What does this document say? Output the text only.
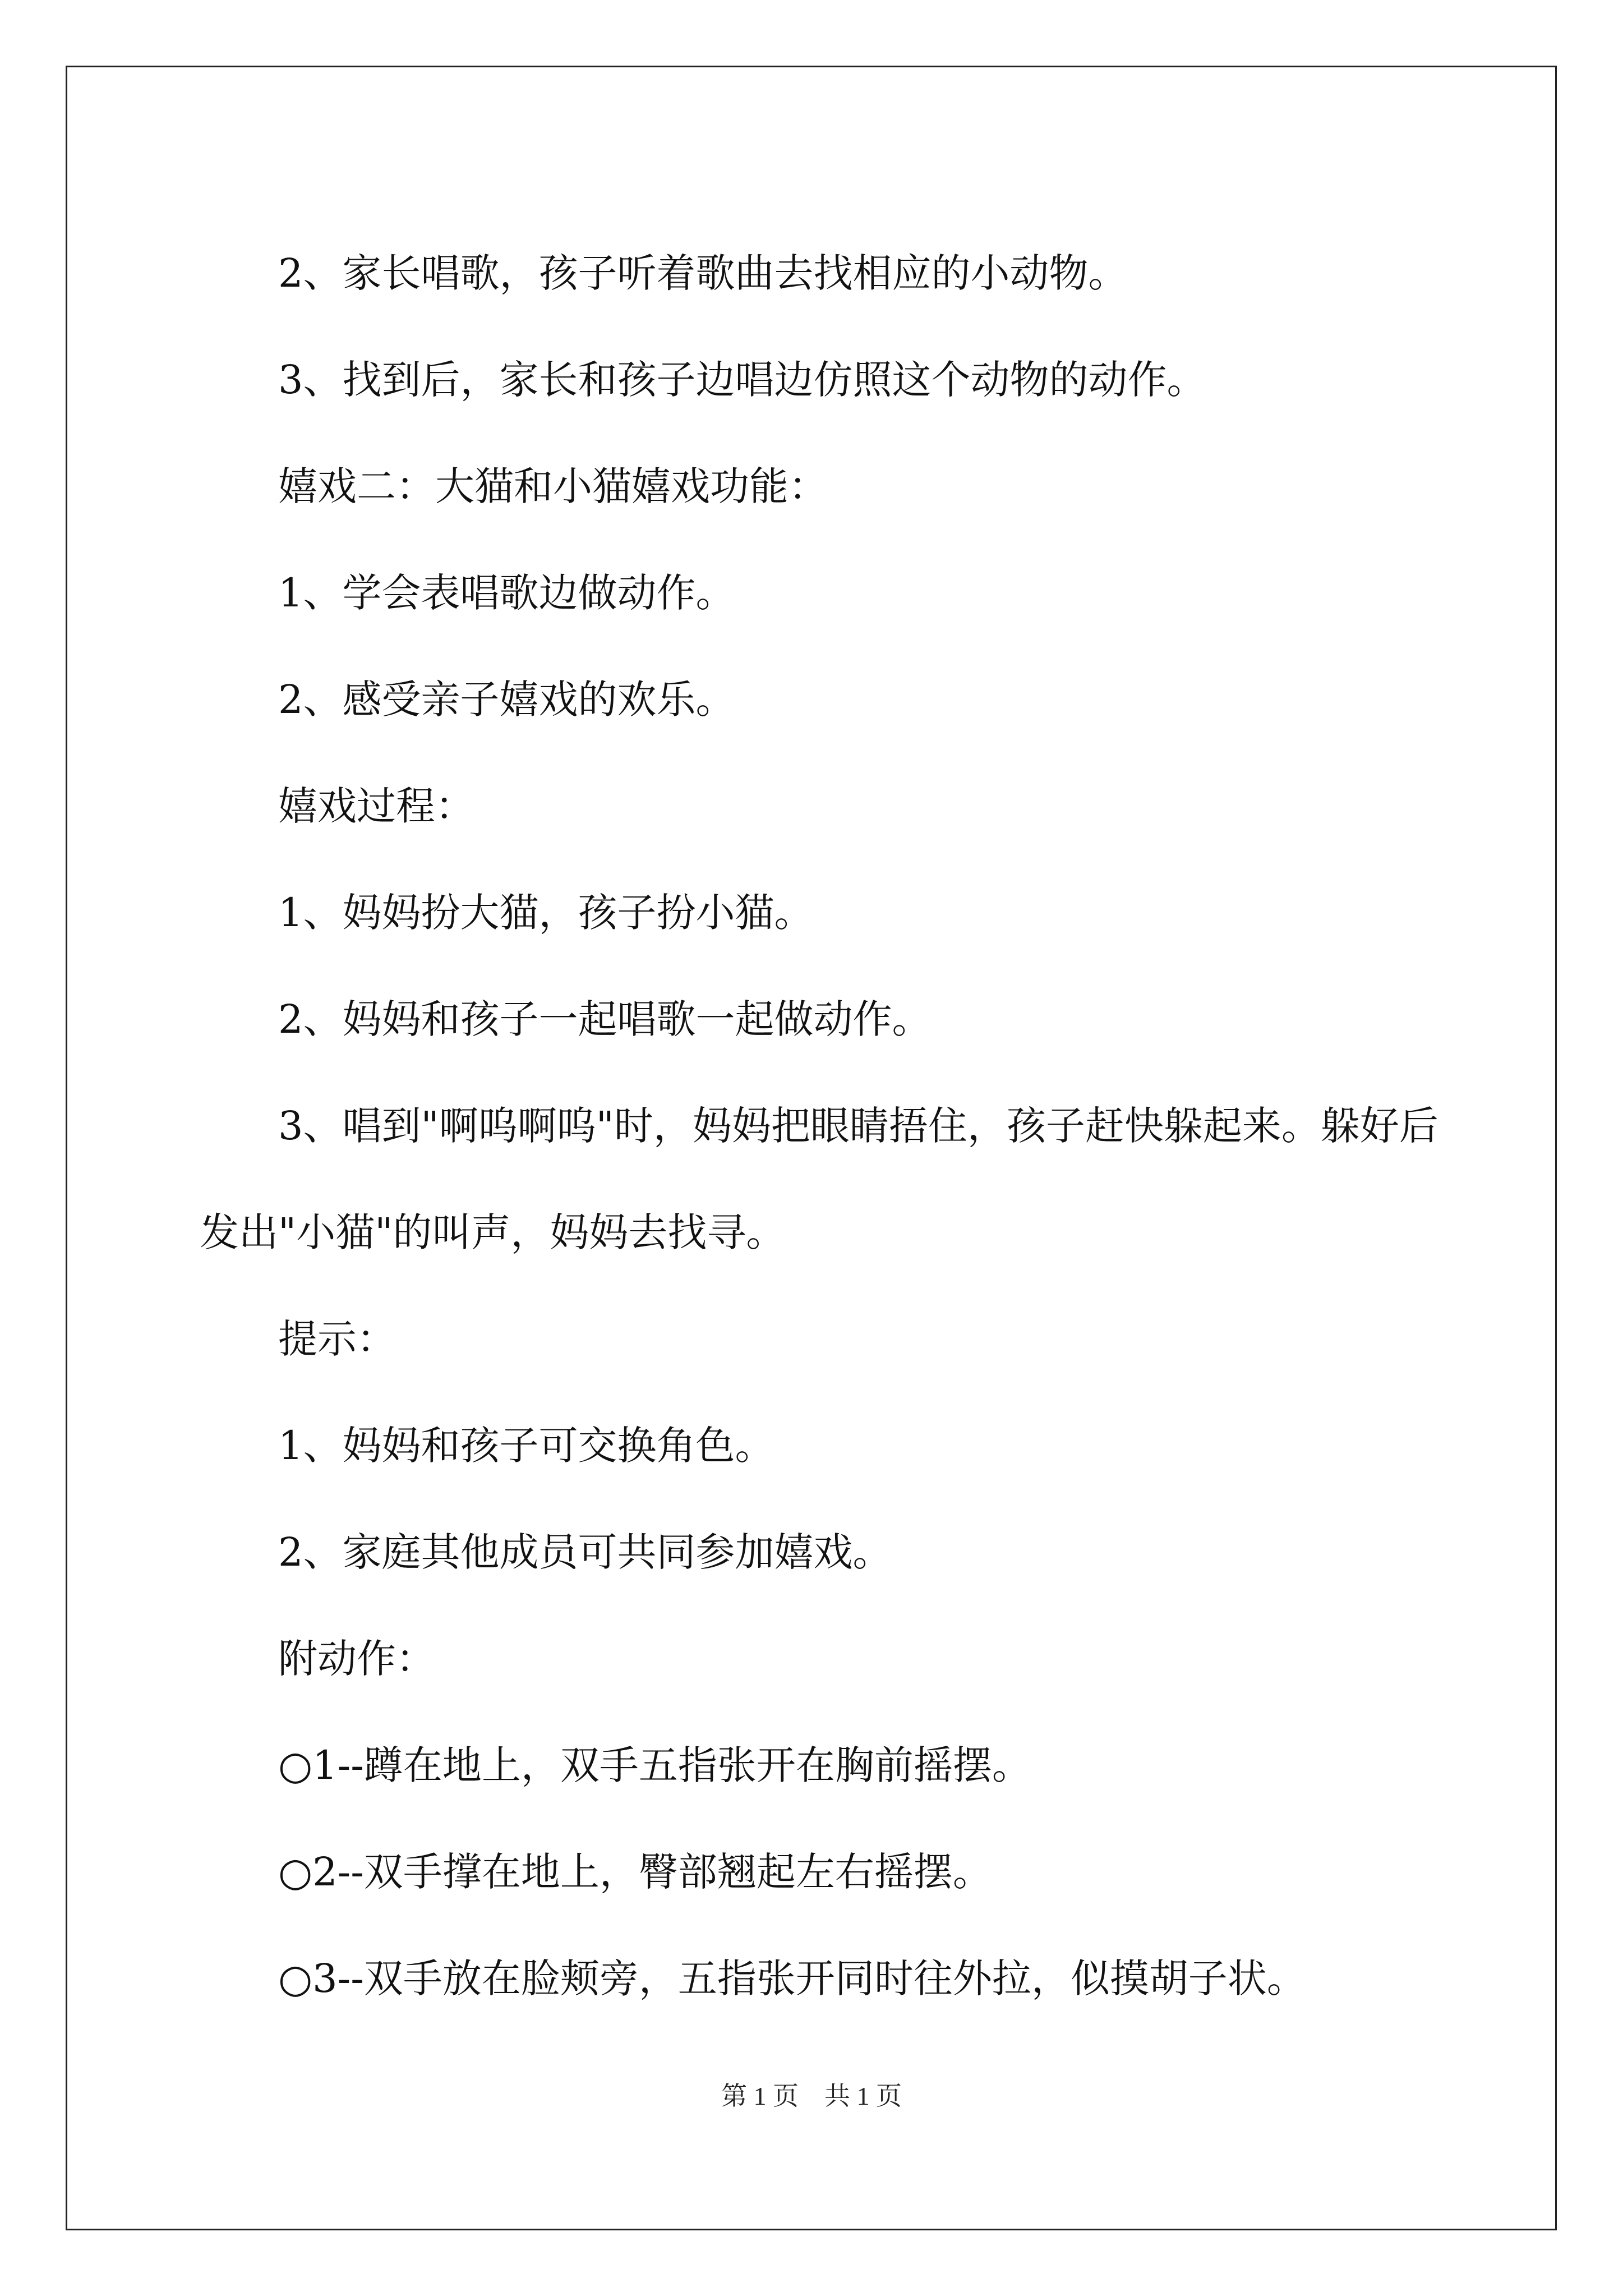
2、家长唱歌，孩子听着歌曲去找相应的小动物。

3、找到后，家长和孩子边唱边仿照这个动物的动作。

嬉戏二：大猫和小猫嬉戏功能：

1、学会表唱歌边做动作。

2、感受亲子嬉戏的欢乐。

嬉戏过程：

1、妈妈扮大猫，孩子扮小猫。

2、妈妈和孩子一起唱歌一起做动作。

3、唱到"啊呜啊呜"时，妈妈把眼睛捂住，孩子赶快躲起来。躲好后发出"小猫"的叫声，妈妈去找寻。

提示：

1、妈妈和孩子可交换角色。

2、家庭其他成员可共同参加嬉戏。

附动作：

○1--蹲在地上，双手五指张开在胸前摇摆。

○2--双手撑在地上，臀部翘起左右摇摆。

○3--双手放在脸颊旁，五指张开同时往外拉，似摸胡子状。

第 1 页　共 1 页
